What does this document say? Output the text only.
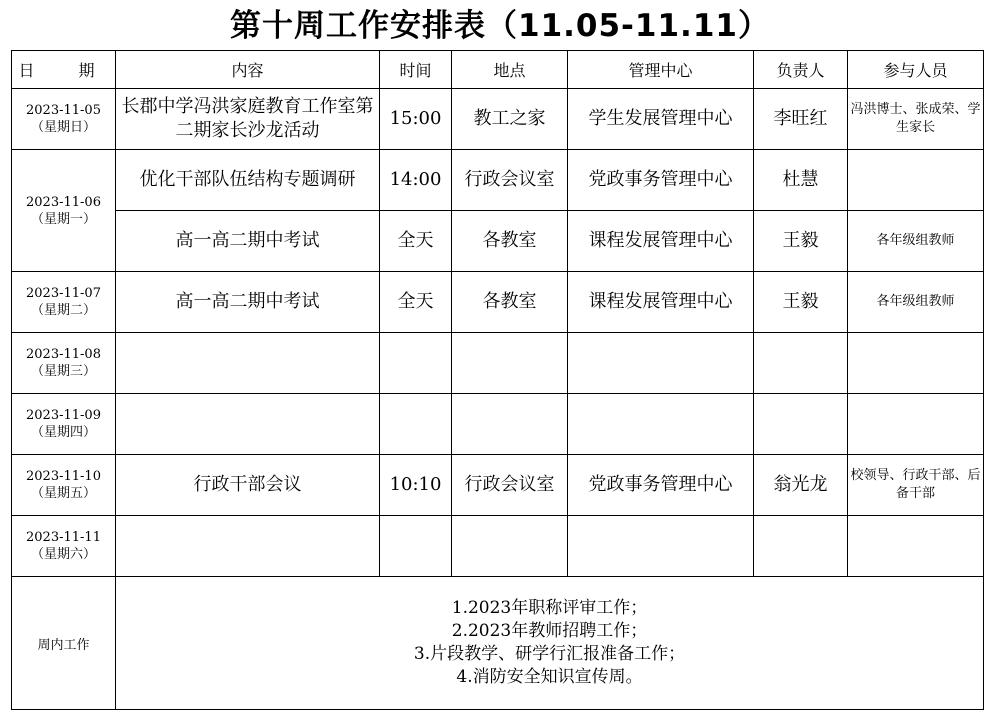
第十周工作安排表（11.05-11.11）
日　期	内容	时间	地点	管理中心	负责人	参与人员

2023-11-05
（星期日）	长郡中学冯洪家庭教育工作室第二期家长沙龙活动	15:00	教工之家	学生发展管理中心	李旺红	冯洪博士、张成荣、学生家长

2023-11-06
（星期一）	优化干部队伍结构专题调研	14:00	行政会议室	党政事务管理中心	杜慧	
	高一高二期中考试	全天	各教室	课程发展管理中心	王毅	各年级组教师

2023-11-07
（星期二）	高一高二期中考试	全天	各教室	课程发展管理中心	王毅	各年级组教师

2023-11-08
（星期三）						

2023-11-09
（星期四）						

2023-11-10
（星期五）	行政干部会议	10:10	行政会议室	党政事务管理中心	翁光龙	校领导、行政干部、后备干部

2023-11-11
（星期六）						

周内工作	1.2023年职称评审工作；
2.2023年教师招聘工作；
3.片段教学、研学行汇报准备工作；
4.消防安全知识宣传周。					
